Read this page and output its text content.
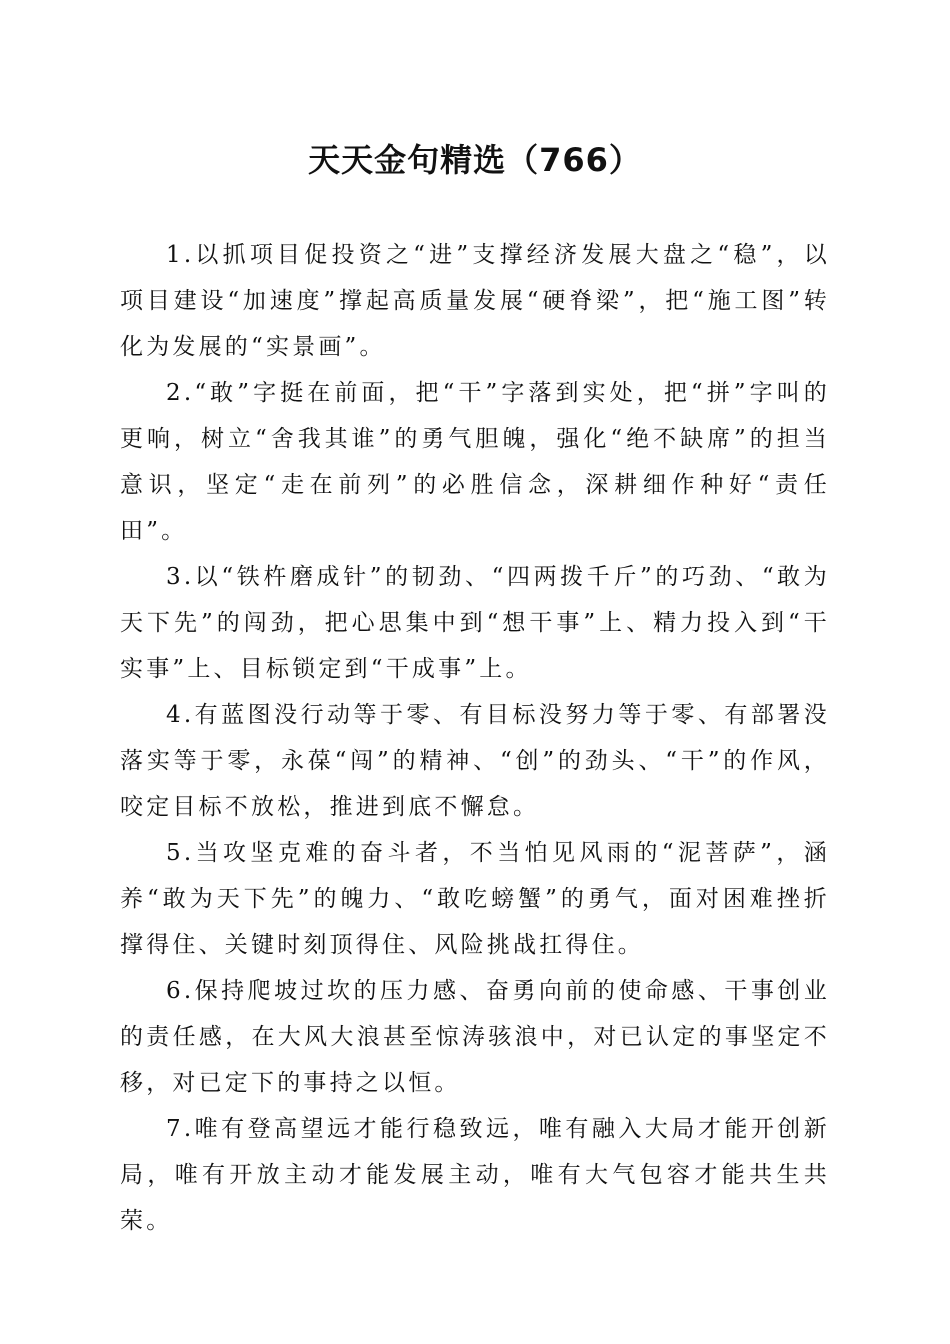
天天金句精选（766）

1.以抓项目促投资之“进”支撑经济发展大盘之“稳”，以项目建设“加速度”撑起高质量发展“硬脊梁”，把“施工图”转化为发展的“实景画”。

2.“敢”字挺在前面，把“干”字落到实处，把“拼”字叫的更响，树立“舍我其谁”的勇气胆魄，强化“绝不缺席”的担当意识，坚定“走在前列”的必胜信念，深耕细作种好“责任田”。

3.以“铁杵磨成针”的韧劲、“四两拨千斤”的巧劲、“敢为天下先”的闯劲，把心思集中到“想干事”上、精力投入到“干实事”上、目标锁定到“干成事”上。

4.有蓝图没行动等于零、有目标没努力等于零、有部署没落实等于零，永葆“闯”的精神、“创”的劲头、“干”的作风，咬定目标不放松，推进到底不懈怠。

5.当攻坚克难的奋斗者，不当怕见风雨的“泥菩萨”，涵养“敢为天下先”的魄力、“敢吃螃蟹”的勇气，面对困难挫折撑得住、关键时刻顶得住、风险挑战扛得住。

6.保持爬坡过坎的压力感、奋勇向前的使命感、干事创业的责任感，在大风大浪甚至惊涛骇浪中，对已认定的事坚定不移，对已定下的事持之以恒。

7.唯有登高望远才能行稳致远，唯有融入大局才能开创新局，唯有开放主动才能发展主动，唯有大气包容才能共生共荣。
